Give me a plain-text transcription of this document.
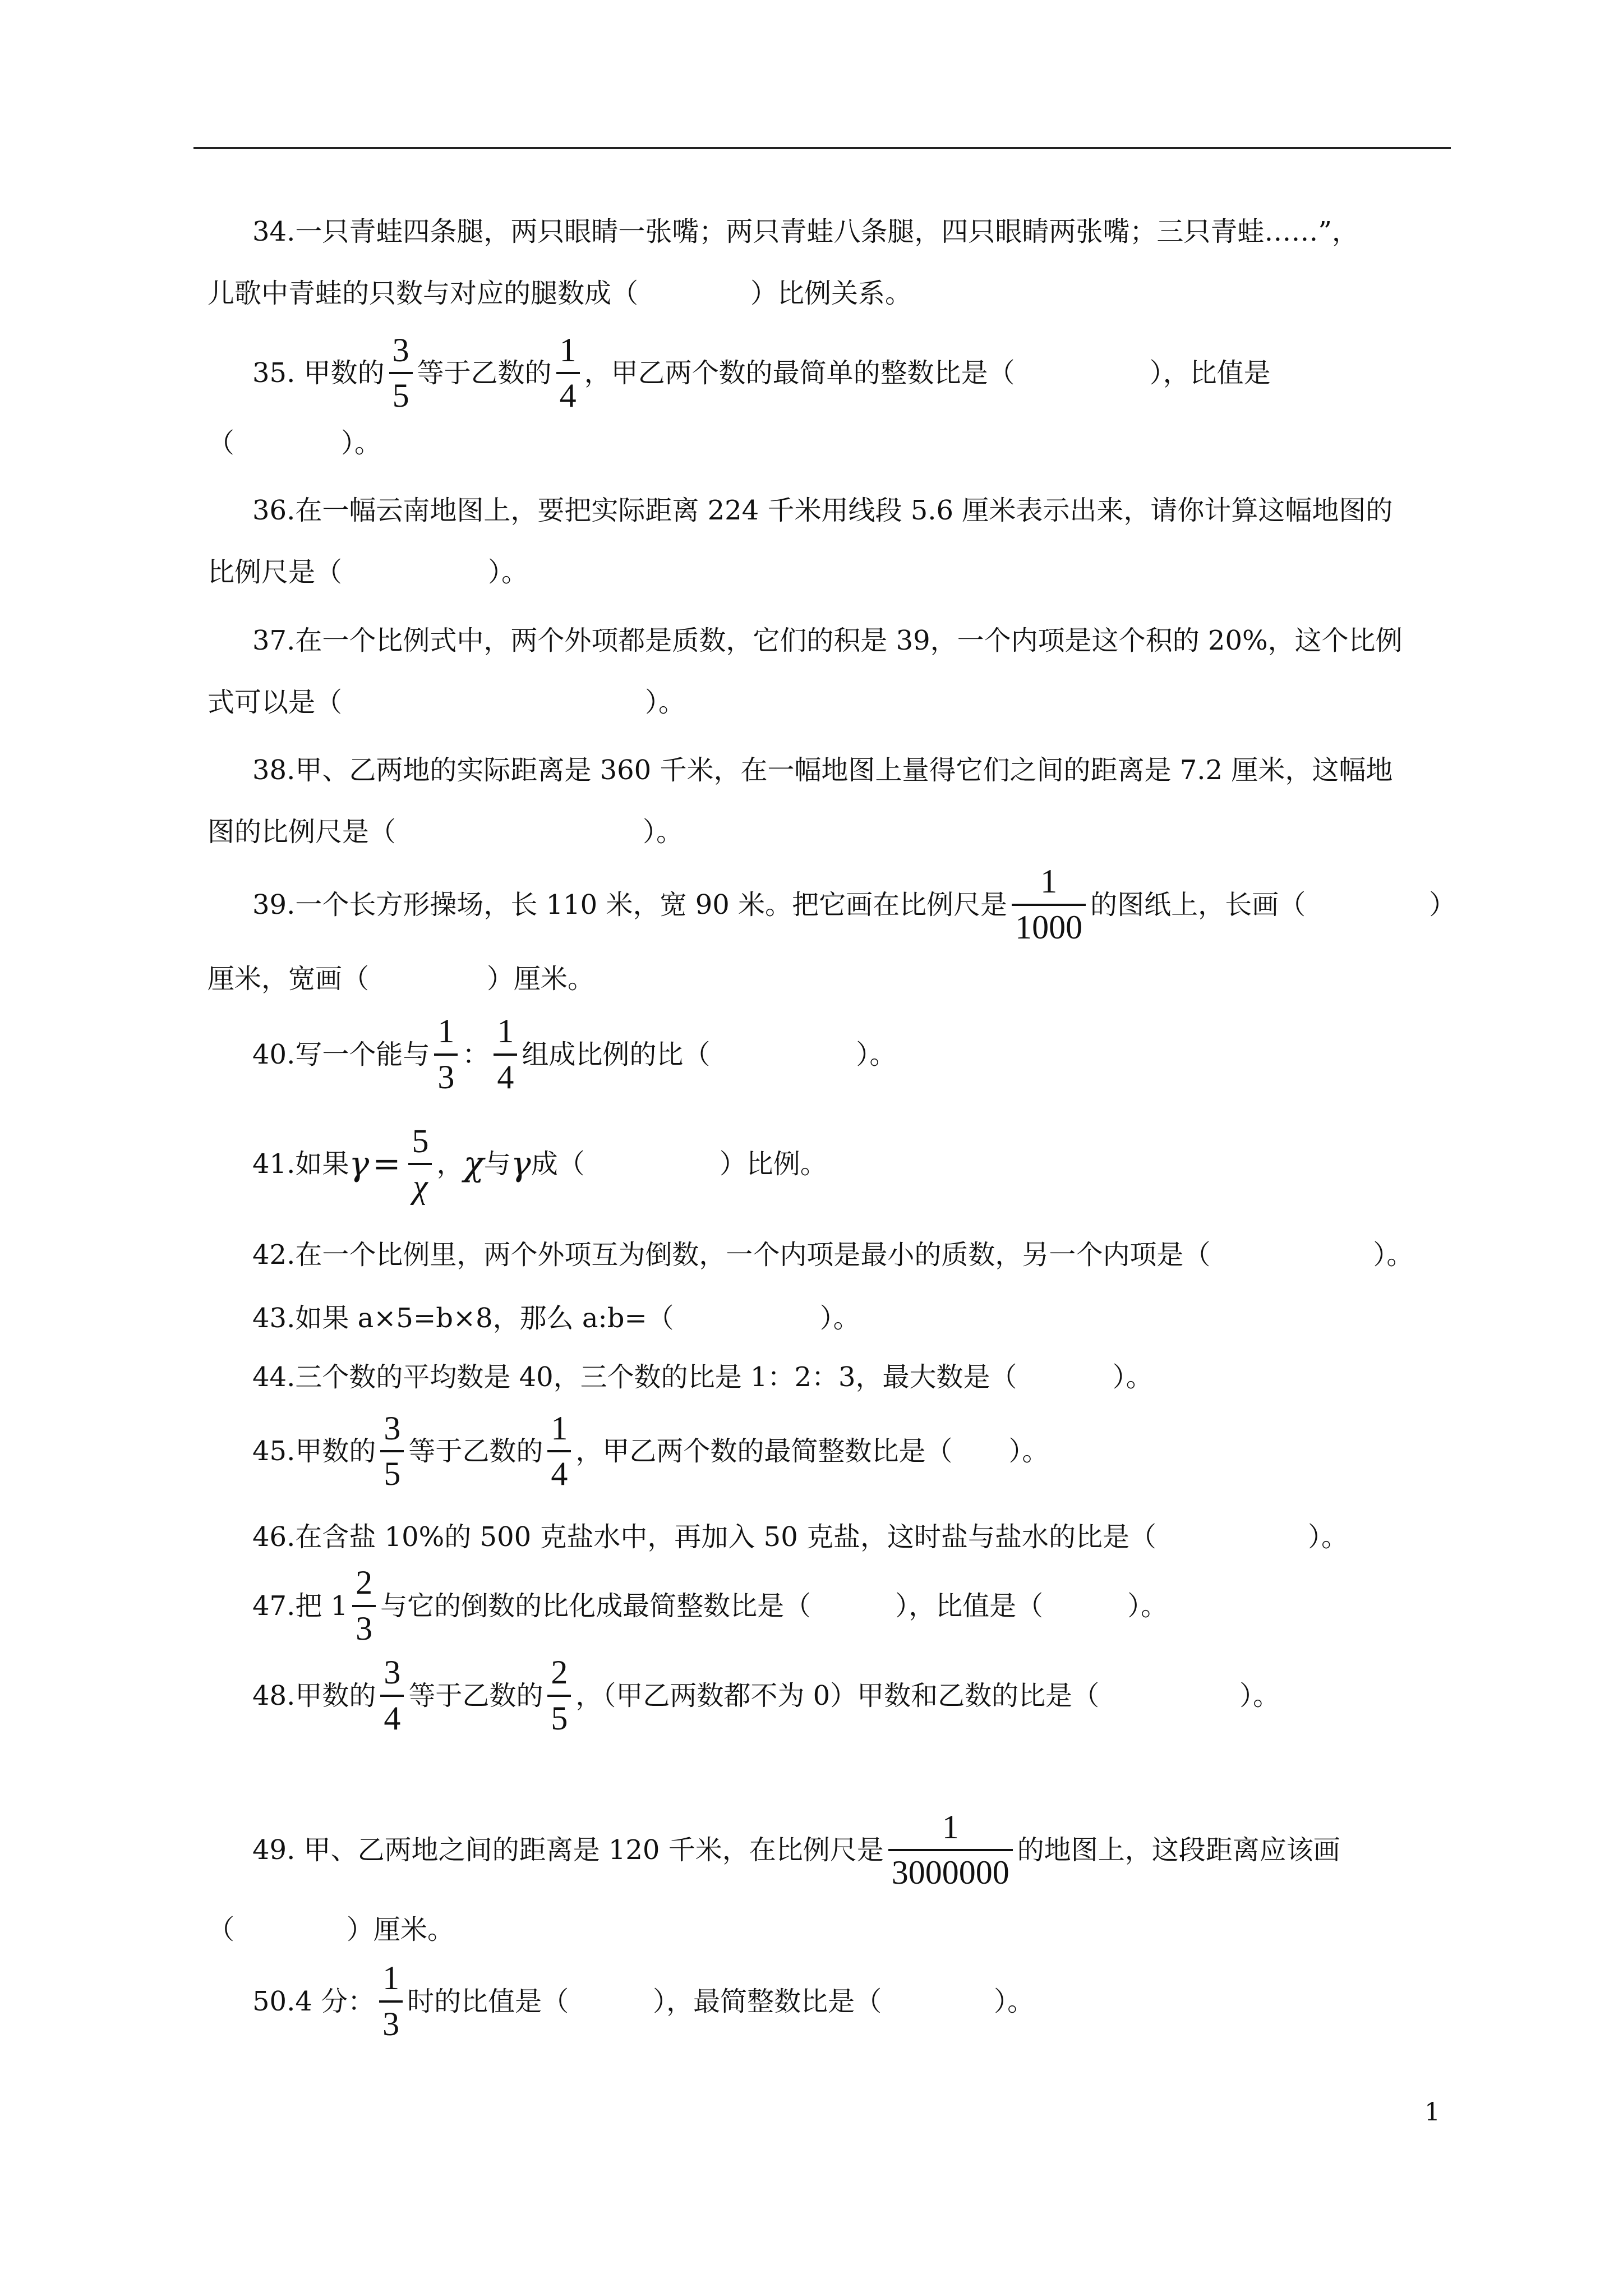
34.一只青蛙四条腿，两只眼睛一张嘴；两只青蛙八条腿，四只眼睛两张嘴；三只青蛙……”，
儿歌中青蛙的只数与对应的腿数成（	）比例关系。
35. 甲数的 $\frac{3}{5}$ 等于乙数的 $\frac{1}{4}$ ，甲乙两个数的最简单的整数比是（	），比值是
（	）。
36.在一幅云南地图上，要把实际距离 224 千米用线段 5.6 厘米表示出来，请你计算这幅地图的
比例尺是（	）。
37.在一个比例式中，两个外项都是质数，它们的积是 39，一个内项是这个积的 20%，这个比例
式可以是（	）。
38.甲、乙两地的实际距离是 360 千米，在一幅地图上量得它们之间的距离是 7.2 厘米，这幅地
图的比例尺是（	）。
39.一个长方形操场，长 110 米，宽 90 米。把它画在比例尺是 $\frac{1}{1000}$ 的图纸上，长画（	）
厘米，宽画（	）厘米。
40.写一个能与 $\frac{1}{3}$ ： $\frac{1}{4}$ 组成比例的比（	）。
41.如果 $\gamma = \frac{5}{\chi}$ ， χ 与 γ 成（	）比例。
42.在一个比例里，两个外项互为倒数，一个内项是最小的质数，另一个内项是（	）。
43.如果 a×5=b×8，那么 a:b=（	）。
44.三个数的平均数是 40，三个数的比是 1：2：3，最大数是（	）。
45.甲数的 $\frac{3}{5}$ 等于乙数的 $\frac{1}{4}$ ，甲乙两个数的最简整数比是（ ）。
46.在含盐 10%的 500 克盐水中，再加入 50 克盐，这时盐与盐水的比是（	）。
47.把 $1 \frac{2}{3}$ 与它的倒数的比化成最简整数比是（	），比值是（	）。
48.甲数的 $\frac{3}{4}$ 等于乙数的 $\frac{2}{5}$ ，（甲乙两数都不为 0）甲数和乙数的比是（	）。
49. 甲、乙两地之间的距离是 120 千米，在比例尺是 $\frac{1}{3000000}$ 的地图上，这段距离应该画
（	）厘米。
50.4 分： $\frac{1}{3}$ 时的比值是（	），最简整数比是（	）。
1
